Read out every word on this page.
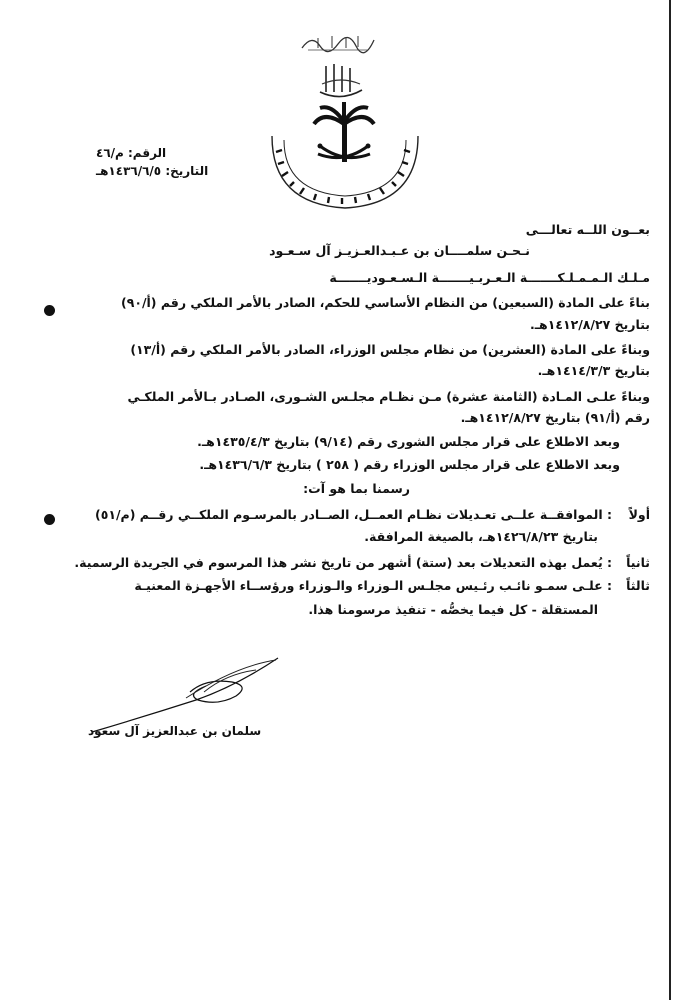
الرقم: م/٤٦
التاريخ: ١٤٣٦/٦/٥هـ
بعــون اللــه تعالـــى
نـحـن سلمــــان بن عـبـدالعـزيـز آل سـعـود
مـلـك الـمـمـلـكـــــــة الـعـربـيـــــــة الـسـعـوديـــــــة
بناءً على المادة (السبعين) من النظام الأساسي للحكم، الصادر بالأمر الملكي رقم (أ/٩٠)
بتاريخ ١٤١٢/٨/٢٧هـ.
وبناءً على المادة (العشرين) من نظام مجلس الوزراء، الصادر بالأمر الملكي رقم (أ/١٣)
بتاريخ ١٤١٤/٣/٣هـ.
وبناءً علـى المـادة (الثامنة عشرة) مـن نظـام مجلـس الشـورى، الصـادر بـالأمر الملكـي
رقم (أ/٩١) بتاريخ ١٤١٢/٨/٢٧هـ.
وبعد الاطلاع على قرار مجلس الشورى رقم (٩/١٤) بتاريخ ١٤٣٥/٤/٣هـ.
وبعد الاطلاع على قرار مجلس الوزراء رقم ( ٢٥٨ ) بتاريخ ١٤٣٦/٦/٣هـ.
رسمنا بما هو آت:
أولاً
: الموافقــة علــى تعـديلات نظـام العمــل، الصــادر بالمرسـوم الملكــي رقــم (م/٥١)
بتاريخ ١٤٢٦/٨/٢٣هـ، بالصيغة المرافقة.
ثانياً
: يُعمل بهذه التعديلات بعد (ستة) أشهر من تاريخ نشر هذا المرسوم في الجريدة الرسمية.
ثالثاً
: علـى سمـو نائـب رئـيس مجلـس الـوزراء والـوزراء ورؤســاء الأجهـزة المعنيـة
المستقلة - كل فيما يخصُّه - تنفيذ مرسومنا هذا.
سلمان بن عبدالعزيز آل سعود
